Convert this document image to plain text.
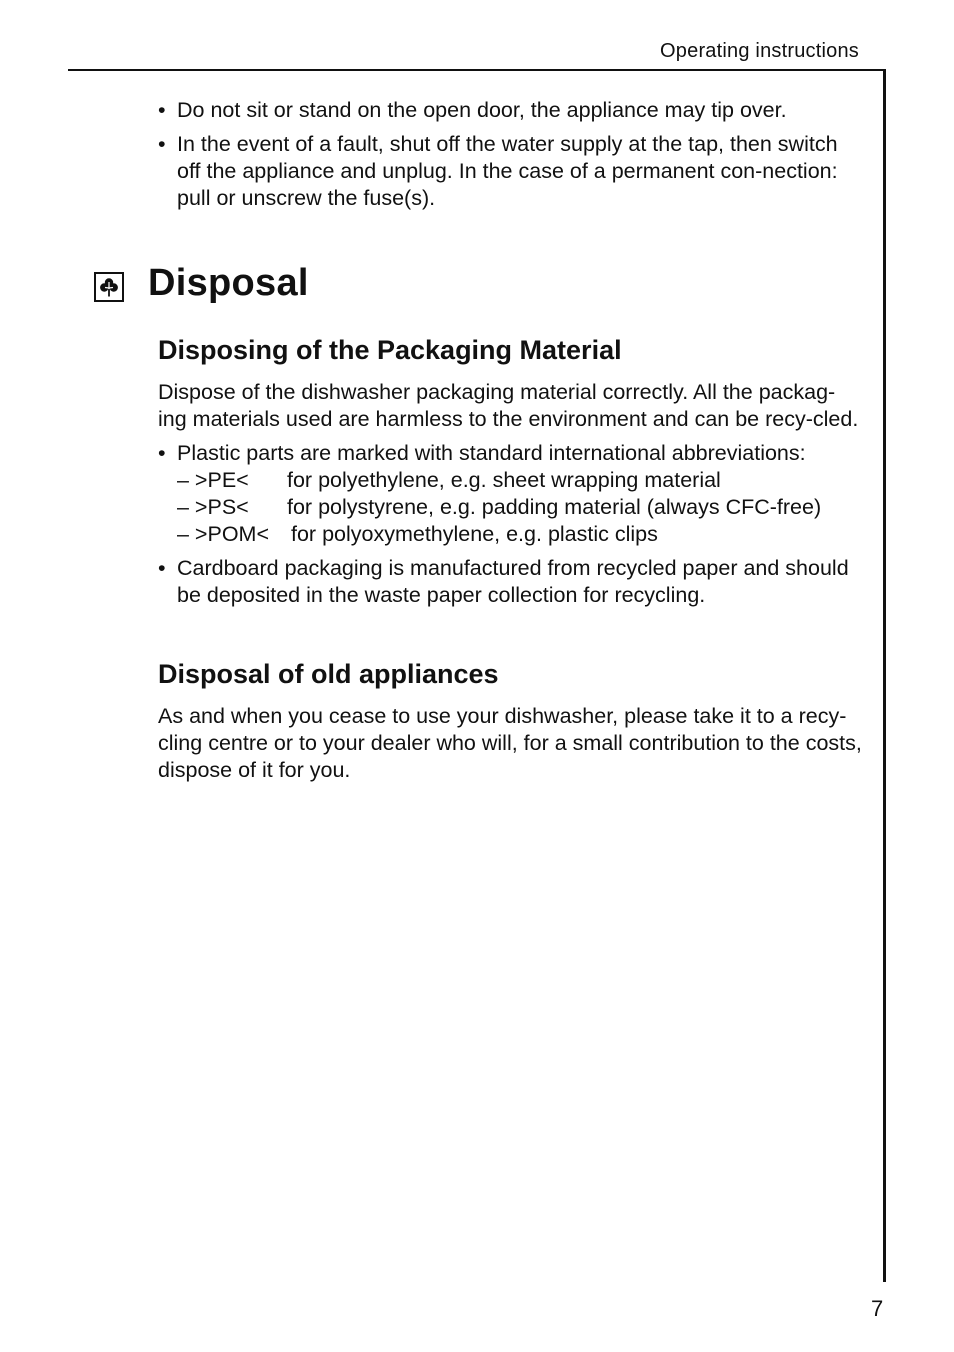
Operating instructions
• Do not sit or stand on the open door, the appliance may tip over.
• In the event of a fault, shut off the water supply at the tap, then switch off the appliance and unplug. In the case of a permanent con-nection: pull or unscrew the fuse(s).
Disposal
Disposing of the Packaging Material
Dispose of the dishwasher packaging material correctly. All the packag-ing materials used are harmless to the environment and can be recy-cled.
• Plastic parts are marked with standard international abbreviations:
– >PE<	for polyethylene, e.g. sheet wrapping material
– >PS<	for polystyrene, e.g. padding material (always CFC-free)
– >POM<	for polyoxymethylene, e.g. plastic clips
• Cardboard packaging is manufactured from recycled paper and should be deposited in the waste paper collection for recycling.
Disposal of old appliances
As and when you cease to use your dishwasher, please take it to a recy-cling centre or to your dealer who will, for a small contribution to the costs, dispose of it for you.
7
